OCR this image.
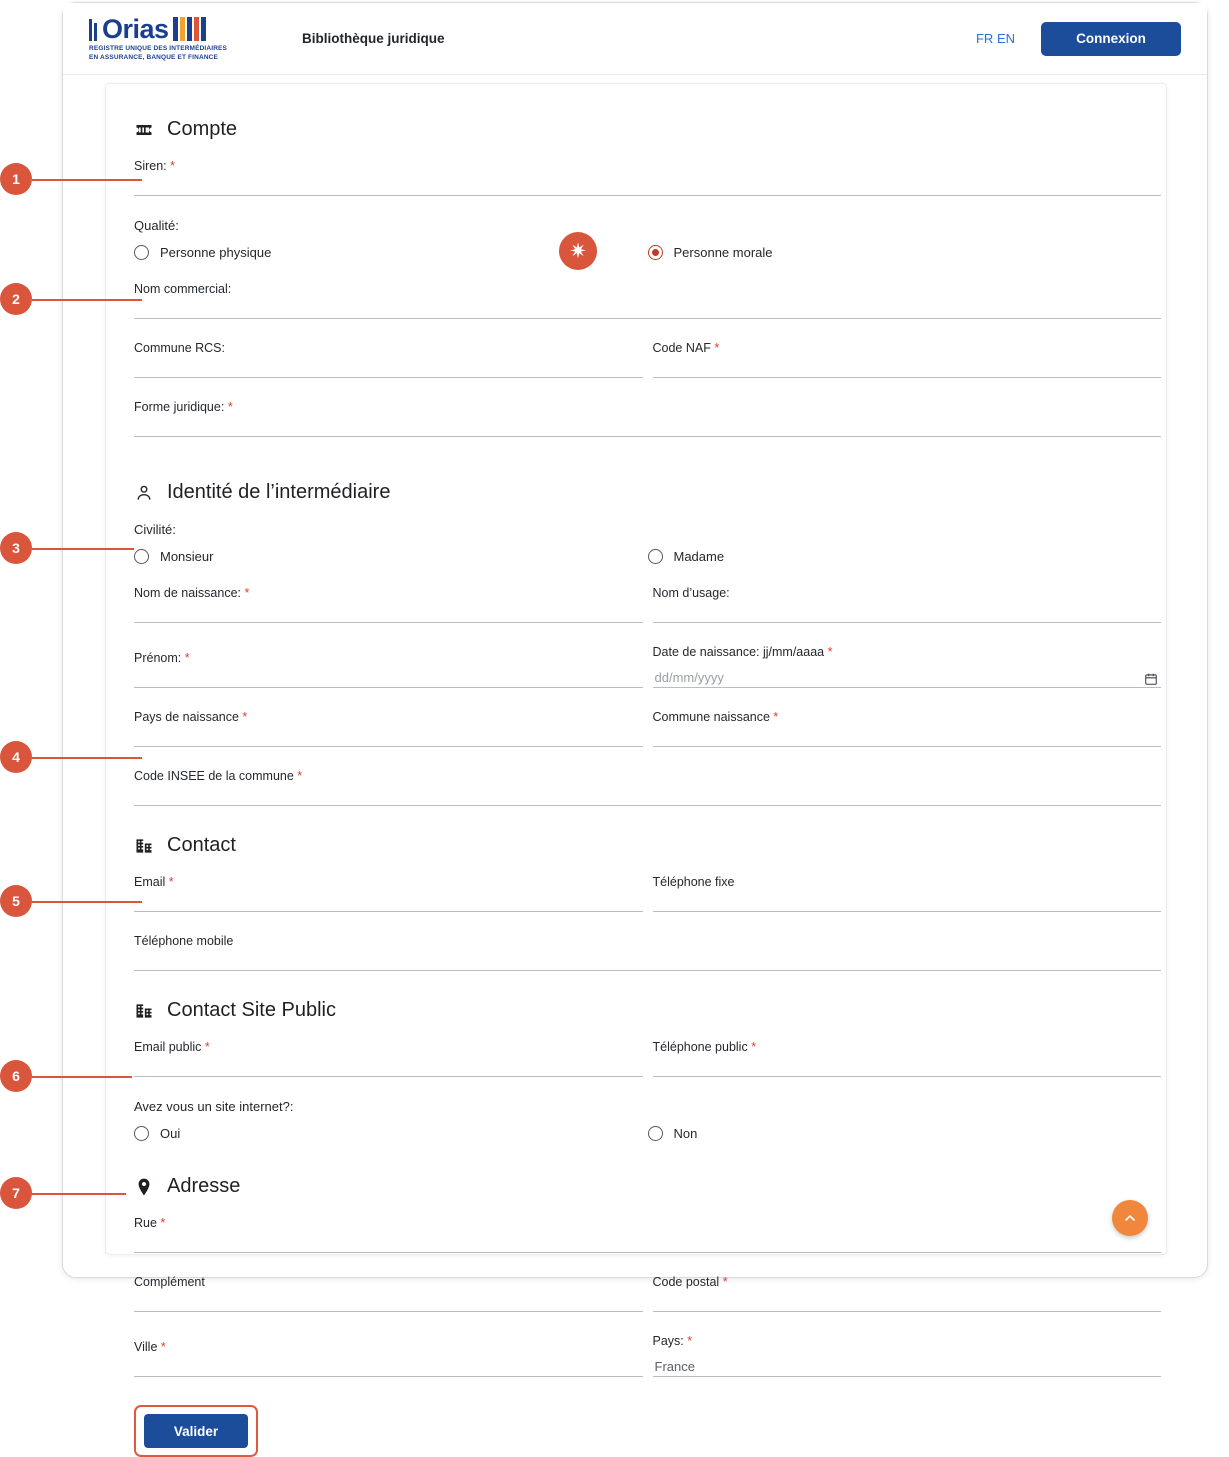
1
2
3
4
5
6
7
✷
Orias
REGISTRE UNIQUE DES INTERMÉDIAIRES
EN ASSURANCE, BANQUE ET FINANCE
Bibliothèque juridique	FR EN	Connexion
Compte
Siren: *
Qualité:
Personne physique	Personne morale
Nom commercial:
Commune RCS:	Code NAF *
Forme juridique: *
Identité de l’intermédiaire
Civilité:
Monsieur	Madame
Nom de naissance: *	Nom d’usage:
Prénom: *	Date de naissance: jj/mm/aaaa *
dd/mm/yyyy
Pays de naissance *	Commune naissance *
Code INSEE de la commune *
Contact
Email *	Téléphone fixe
Téléphone mobile
Contact Site Public
Email public *	Téléphone public *
Avez vous un site internet?:
Oui	Non
Adresse
Rue *
Complément	Code postal *
Ville *	Pays: *
France
Valider
